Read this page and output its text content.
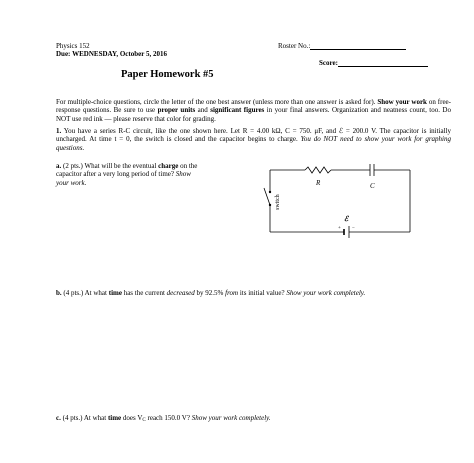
Physics 152
Due: WEDNESDAY, October 5, 2016
Roster No.:
Score:
Paper Homework #5
For multiple-choice questions, circle the letter of the one best answer (unless more than one answer is asked for). Show your work on free-response questions. Be sure to use proper units and significant figures in your final answers. Organization and neatness count, too. Do NOT use red ink — please reserve that color for grading.
1. You have a series R-C circuit, like the one shown here. Let R = 4.00 kΩ, C = 750. μF, and ℰ = 200.0 V. The capacitor is initially uncharged. At time t = 0, the switch is closed and the capacitor begins to charge. You do NOT need to show your work for graphing questions.
a. (2 pts.) What will be the eventual charge on the
capacitor after a very long period of time? Show
your work.	R	C
switch
ℰ
+ −
b. (4 pts.) At what time has the current decreased by 92.5% from its initial value? Show your work completely.
c. (4 pts.) At what time does $V_C$ reach 150.0 V? Show your work completely.
